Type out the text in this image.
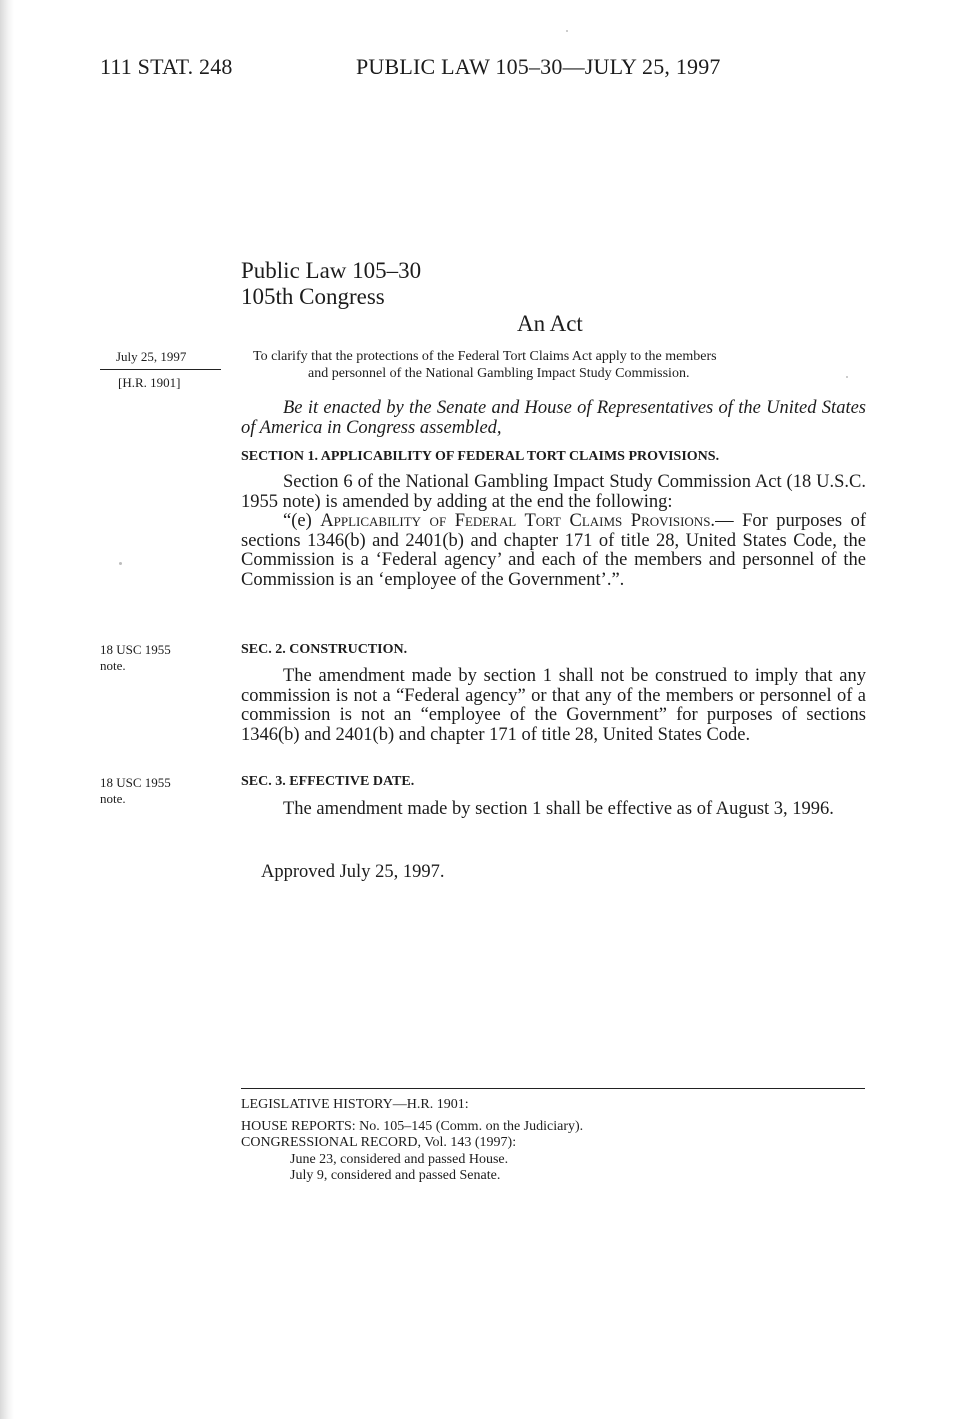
111 STAT. 248	PUBLIC LAW 105–30—JULY 25, 1997
Public Law 105–30
105th Congress
An Act
July 25, 1997
[H.R. 1901]
To clarify that the protections of the Federal Tort Claims Act apply to the members
and personnel of the National Gambling Impact Study Commission.
Be it enacted by the Senate and House of Representatives of the United States of America in Congress assembled,
SECTION 1. APPLICABILITY OF FEDERAL TORT CLAIMS PROVISIONS.
Section 6 of the National Gambling Impact Study Commission Act (18 U.S.C. 1955 note) is amended by adding at the end the following:
“(e) Applicability of Federal Tort Claims Provisions.— For purposes of sections 1346(b) and 2401(b) and chapter 171 of title 28, United States Code, the Commission is a ‘Federal agency’ and each of the members and personnel of the Commission is an ‘employee of the Government’.”.
18 USC 1955
note.
SEC. 2. CONSTRUCTION.
The amendment made by section 1 shall not be construed to imply that any commission is not a “Federal agency” or that any of the members or personnel of a commission is not an “employee of the Government” for purposes of sections 1346(b) and 2401(b) and chapter 171 of title 28, United States Code.
18 USC 1955
note.
SEC. 3. EFFECTIVE DATE.
The amendment made by section 1 shall be effective as of August 3, 1996.
Approved July 25, 1997.
LEGISLATIVE HISTORY—H.R. 1901:
HOUSE REPORTS: No. 105–145 (Comm. on the Judiciary).
CONGRESSIONAL RECORD, Vol. 143 (1997):
June 23, considered and passed House.
July 9, considered and passed Senate.
